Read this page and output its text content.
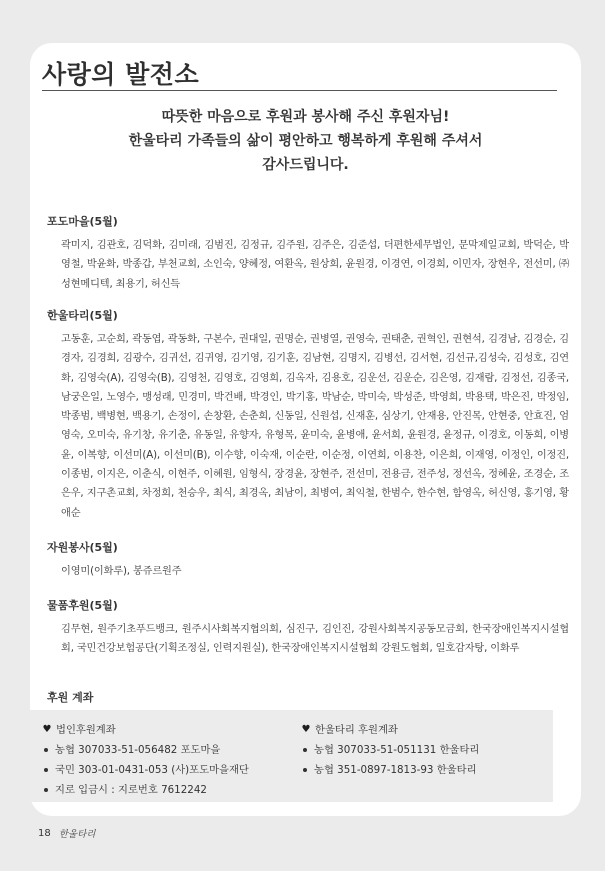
사랑의 발전소
따뜻한 마음으로 후원과 봉사해 주신 후원자님!
한울타리 가족들의 삶이 평안하고 행복하게 후원해 주셔서
감사드립니다.
포도마을(5월)
곽미지, 김관호, 김덕화, 김미래, 김범진, 김정규, 김주원, 김주은, 김준섭, 더편한세무법인, 문막제일교회, 박덕순, 박영철, 박윤화, 박종갑, 부천교회, 소인숙, 양혜정, 여환옥, 원상희, 윤원경, 이경연, 이경희, 이민자, 장현우, 전선미, ㈜성현메디텍, 최용기, 허신득
한울타리(5월)
고동훈, 고순희, 곽동엽, 곽동화, 구본수, 권대일, 권명순, 권병열, 권영숙, 권태춘, 권혁인, 권현석, 김경남, 김경순, 김경자, 김경희, 김광수, 김귀선, 김귀영, 김기영, 김기훈, 김남현, 김명지, 김병선, 김서현, 김선규,김성숙, 김성호, 김연화, 김영숙(A), 김영숙(B), 김영천, 김영호, 김영희, 김옥자, 김용호, 김운선, 김운순, 김은영, 김재람, 김정선, 김종국, 남궁은일, 노영수, 맹성래, 민경미, 박건배, 박경인, 박기홍, 박남순, 박미숙, 박성준, 박영희, 박용택, 박은진, 박정임, 박종범, 백병현, 백용기, 손정이, 손창환, 손춘희, 신동일, 신원섭, 신재훈, 심상기, 안재용, 안진목, 안현중, 안효진, 엄영숙, 오미숙, 유기창, 유기춘, 유동일, 유향자, 유형목, 윤미숙, 윤병애, 윤서희, 윤원경, 윤정규, 이경호, 이동희, 이병윤, 이복향, 이선미(A), 이선미(B), 이수향, 이숙재, 이순란, 이순정, 이연희, 이용찬, 이은희, 이재영, 이정인, 이정진, 이종범, 이지은, 이춘식, 이현주, 이혜원, 임형식, 장경윤, 장현주, 전선미, 전용금, 전주성, 정선옥, 정혜윤, 조경순, 조은우, 지구촌교회, 차정희, 천승우, 최식, 최경옥, 최남이, 최병여, 최익철, 한범수, 한수현, 함영옥, 허신영, 홍기영, 황애순
자원봉사(5월)
이영미(이화루), 봉쥬르원주
물품후원(5월)
김무현, 원주기초푸드뱅크, 원주시사회복지협의회, 심진구, 김인진, 강원사회복지공동모금회, 한국장애인복지시설협회, 국민건강보험공단(기획조정실, 인력지원실), 한국장애인복지시설협회 강원도협회, 일호감자탕, 이화루
후원 계좌
♥ 법인후원계좌
농협 307033-51-056482 포도마을
국민 303-01-0431-053 (사)포도마을재단
지로 입금시 : 지로번호 7612242
♥ 한울타리 후원계좌
농협 307033-51-051131 한울타리
농협 351-0897-1813-93 한울타리
18 한울타리
